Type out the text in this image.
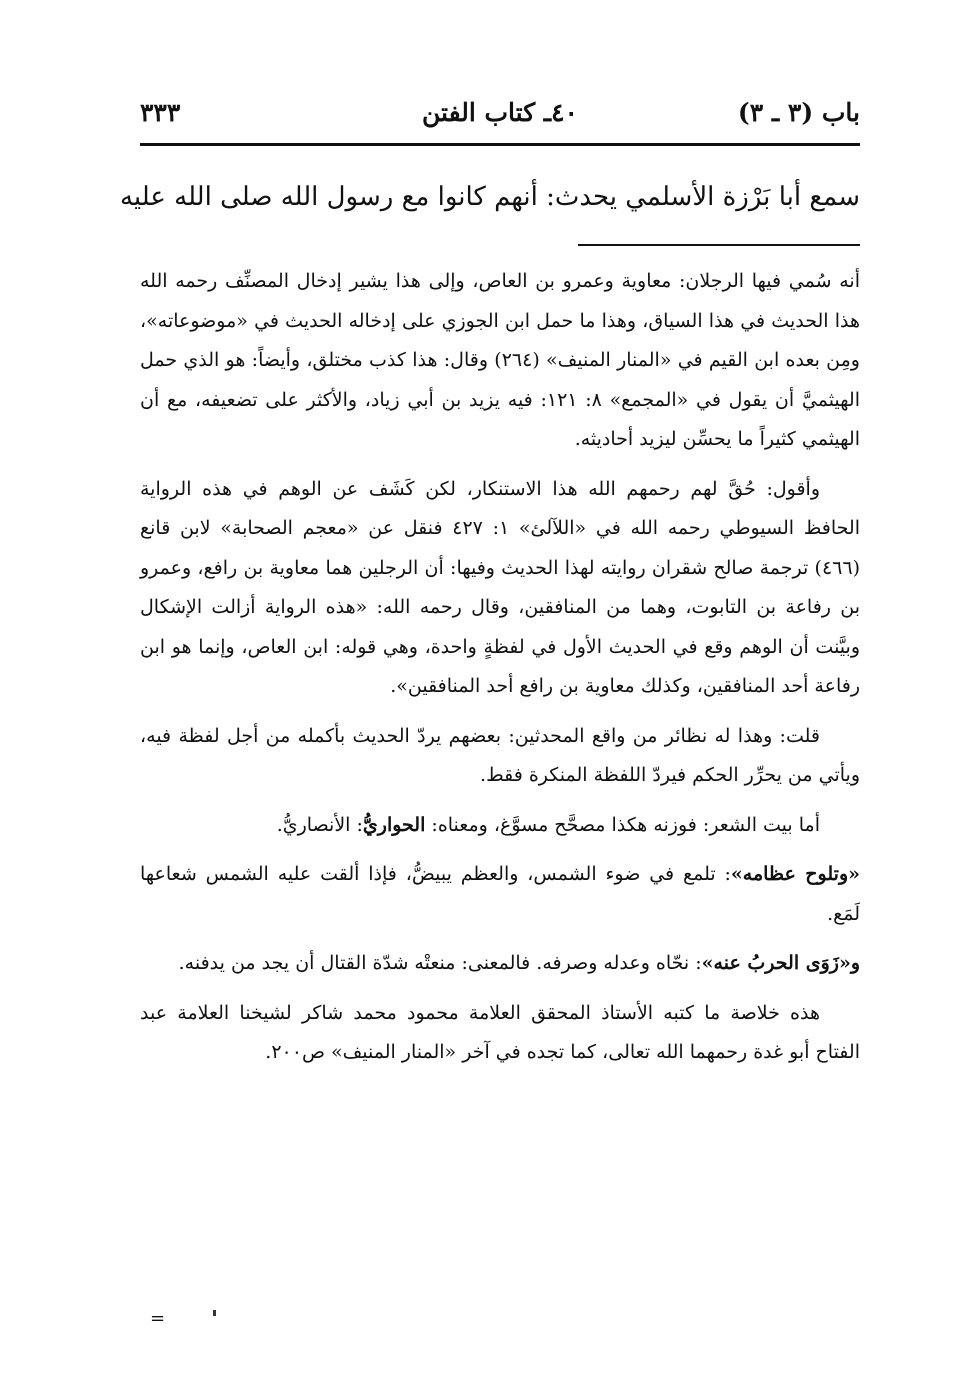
باب (٣ ـ ٣)
٤٠ـ كتاب الفتن
٣٣٣
سمع أبا بَرْزة الأسلمي يحدث: أنهم كانوا مع رسول الله صلى الله عليه

أنه سُمي فيها الرجلان: معاوية وعمرو بن العاص، وإلى هذا يشير إدخال المصنِّف رحمه الله هذا الحديث في هذا السياق، وهذا ما حمل ابن الجوزي على إدخاله الحديث في «موضوعاته»، ومِن بعده ابن القيم في «المنار المنيف» (٢٦٤) وقال: هذا كذب مختلق، وأيضاً: هو الذي حمل الهيثميَّ أن يقول في «المجمع» ٨: ١٢١: فيه يزيد بن أبي زياد، والأكثر على تضعيفه، مع أن الهيثمي كثيراً ما يحسِّن ليزيد أحاديثه.

وأقول: حُقَّ لهم رحمهم الله هذا الاستنكار، لكن كَشَف عن الوهم في هذه الرواية الحافظ السيوطي رحمه الله في «اللآلئ» ١: ٤٢٧ فنقل عن «معجم الصحابة» لابن قانع (٤٦٦) ترجمة صالح شقران روايته لهذا الحديث وفيها: أن الرجلين هما معاوية بن رافع، وعمرو بن رفاعة بن التابوت، وهما من المنافقين، وقال رحمه الله: «هذه الرواية أزالت الإشكال وبيَّنت أن الوهم وقع في الحديث الأول في لفظةٍ واحدة، وهي قوله: ابن العاص، وإنما هو ابن رفاعة أحد المنافقين، وكذلك معاوية بن رافع أحد المنافقين».

قلت: وهذا له نظائر من واقع المحدثين: بعضهم يردّ الحديث بأكمله من أجل لفظة فيه، ويأتي من يحرِّر الحكم فيردّ اللفظة المنكرة فقط.

أما بيت الشعر: فوزنه هكذا مصحَّح مسوَّغ، ومعناه: الحواريُّ: الأنصاريُّ.

«وتلوح عظامه»: تلمع في ضوء الشمس، والعظم يبيضُّ، فإذا ألقت عليه الشمس شعاعها لَمَع.

و«زَوَى الحربُ عنه»: نحّاه وعدله وصرفه. فالمعنى: منعتْه شدّة القتال أن يجد من يدفنه.

هذه خلاصة ما كتبه الأستاذ المحقق العلامة محمود محمد شاكر لشيخنا العلامة عبد الفتاح أبو غدة رحمهما الله تعالى، كما تجده في آخر «المنار المنيف» ص٢٠٠.

=
